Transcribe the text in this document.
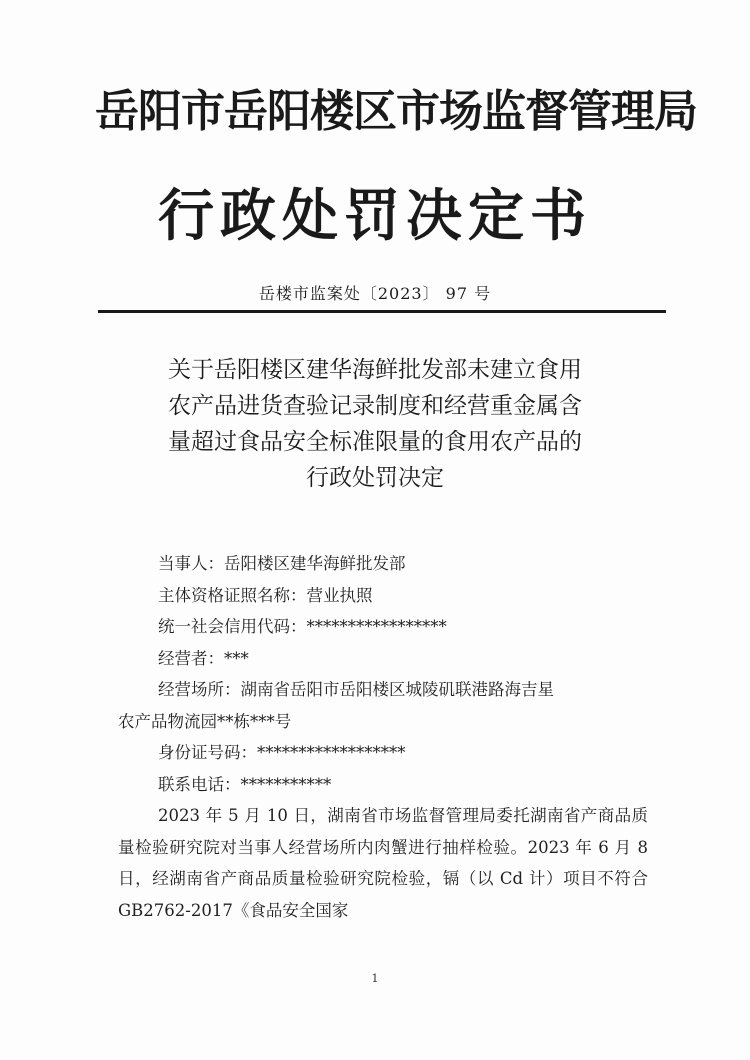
岳阳市岳阳楼区市场监督管理局
行政处罚决定书
岳楼市监案处〔2023〕 97 号
关于岳阳楼区建华海鲜批发部未建立食用
农产品进货查验记录制度和经营重金属含
量超过食品安全标准限量的食用农产品的
行政处罚决定
当事人：岳阳楼区建华海鲜批发部
主体资格证照名称：营业执照
统一社会信用代码：*****************
经营者：***
经营场所：湖南省岳阳市岳阳楼区城陵矶联港路海吉星
农产品物流园**栋***号
身份证号码：******************
联系电话：***********
2023 年 5 月 10 日，湖南省市场监督管理局委托湖南省产商品质量检验研究院对当事人经营场所内肉蟹进行抽样检验。2023 年 6 月 8 日，经湖南省产商品质量检验研究院检验，镉（以 Cd 计）项目不符合 GB2762-2017《食品安全国家
1
